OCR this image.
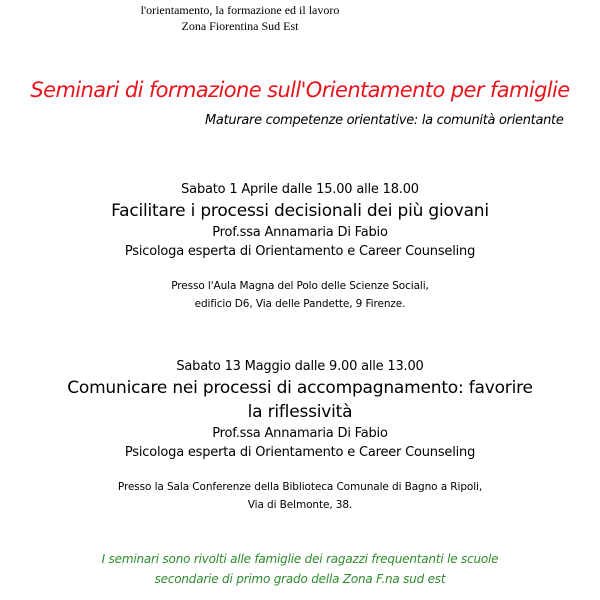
l'orientamento, la formazione ed il lavoro
Zona Fiorentina Sud Est
Seminari di formazione sull'Orientamento per famiglie
Maturare competenze orientative: la comunità orientante
Sabato 1 Aprile dalle 15.00 alle 18.00
Facilitare i processi decisionali dei più giovani
Prof.ssa Annamaria Di Fabio
Psicologa esperta di Orientamento e Career Counseling
Presso l'Aula Magna del Polo delle Scienze Sociali,
edificio D6, Via delle Pandette, 9 Firenze.
Sabato 13 Maggio dalle 9.00 alle 13.00
Comunicare nei processi di accompagnamento: favorire
la riflessività
Prof.ssa Annamaria Di Fabio
Psicologa esperta di Orientamento e Career Counseling
Presso la Sala Conferenze della Biblioteca Comunale di Bagno a Ripoli,
Via di Belmonte, 38.
I seminari sono rivolti alle famiglie dei ragazzi frequentanti le scuole
secondarie di primo grado della Zona F.na sud est
